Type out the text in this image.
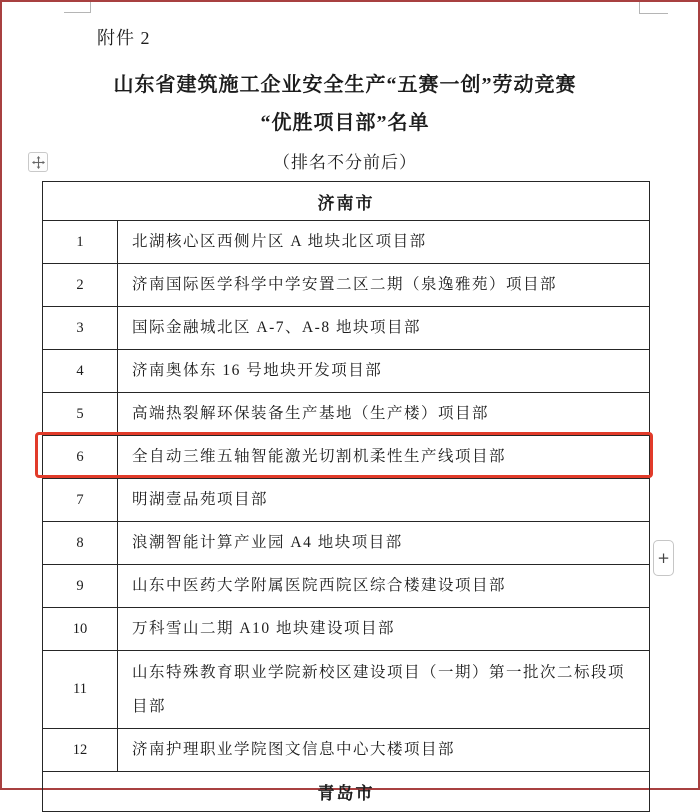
附件 2
山东省建筑施工企业安全生产“五赛一创”劳动竞赛
“优胜项目部”名单
（排名不分前后）
济南市	
1	北湖核心区西侧片区 A 地块北区项目部
2	济南国际医学科学中学安置二区二期（泉逸雅苑）项目部
3	国际金融城北区 A-7、A-8 地块项目部
4	济南奥体东 16 号地块开发项目部
5	高端热裂解环保装备生产基地（生产楼）项目部
6	全自动三维五轴智能激光切割机柔性生产线项目部
7	明湖壹品苑项目部
8	浪潮智能计算产业园 A4 地块项目部
9	山东中医药大学附属医院西院区综合楼建设项目部
10	万科雪山二期 A10 地块建设项目部
11	山东特殊教育职业学院新校区建设项目（一期）第一批次二标段项目部
12	济南护理职业学院图文信息中心大楼项目部
青岛市	
+
